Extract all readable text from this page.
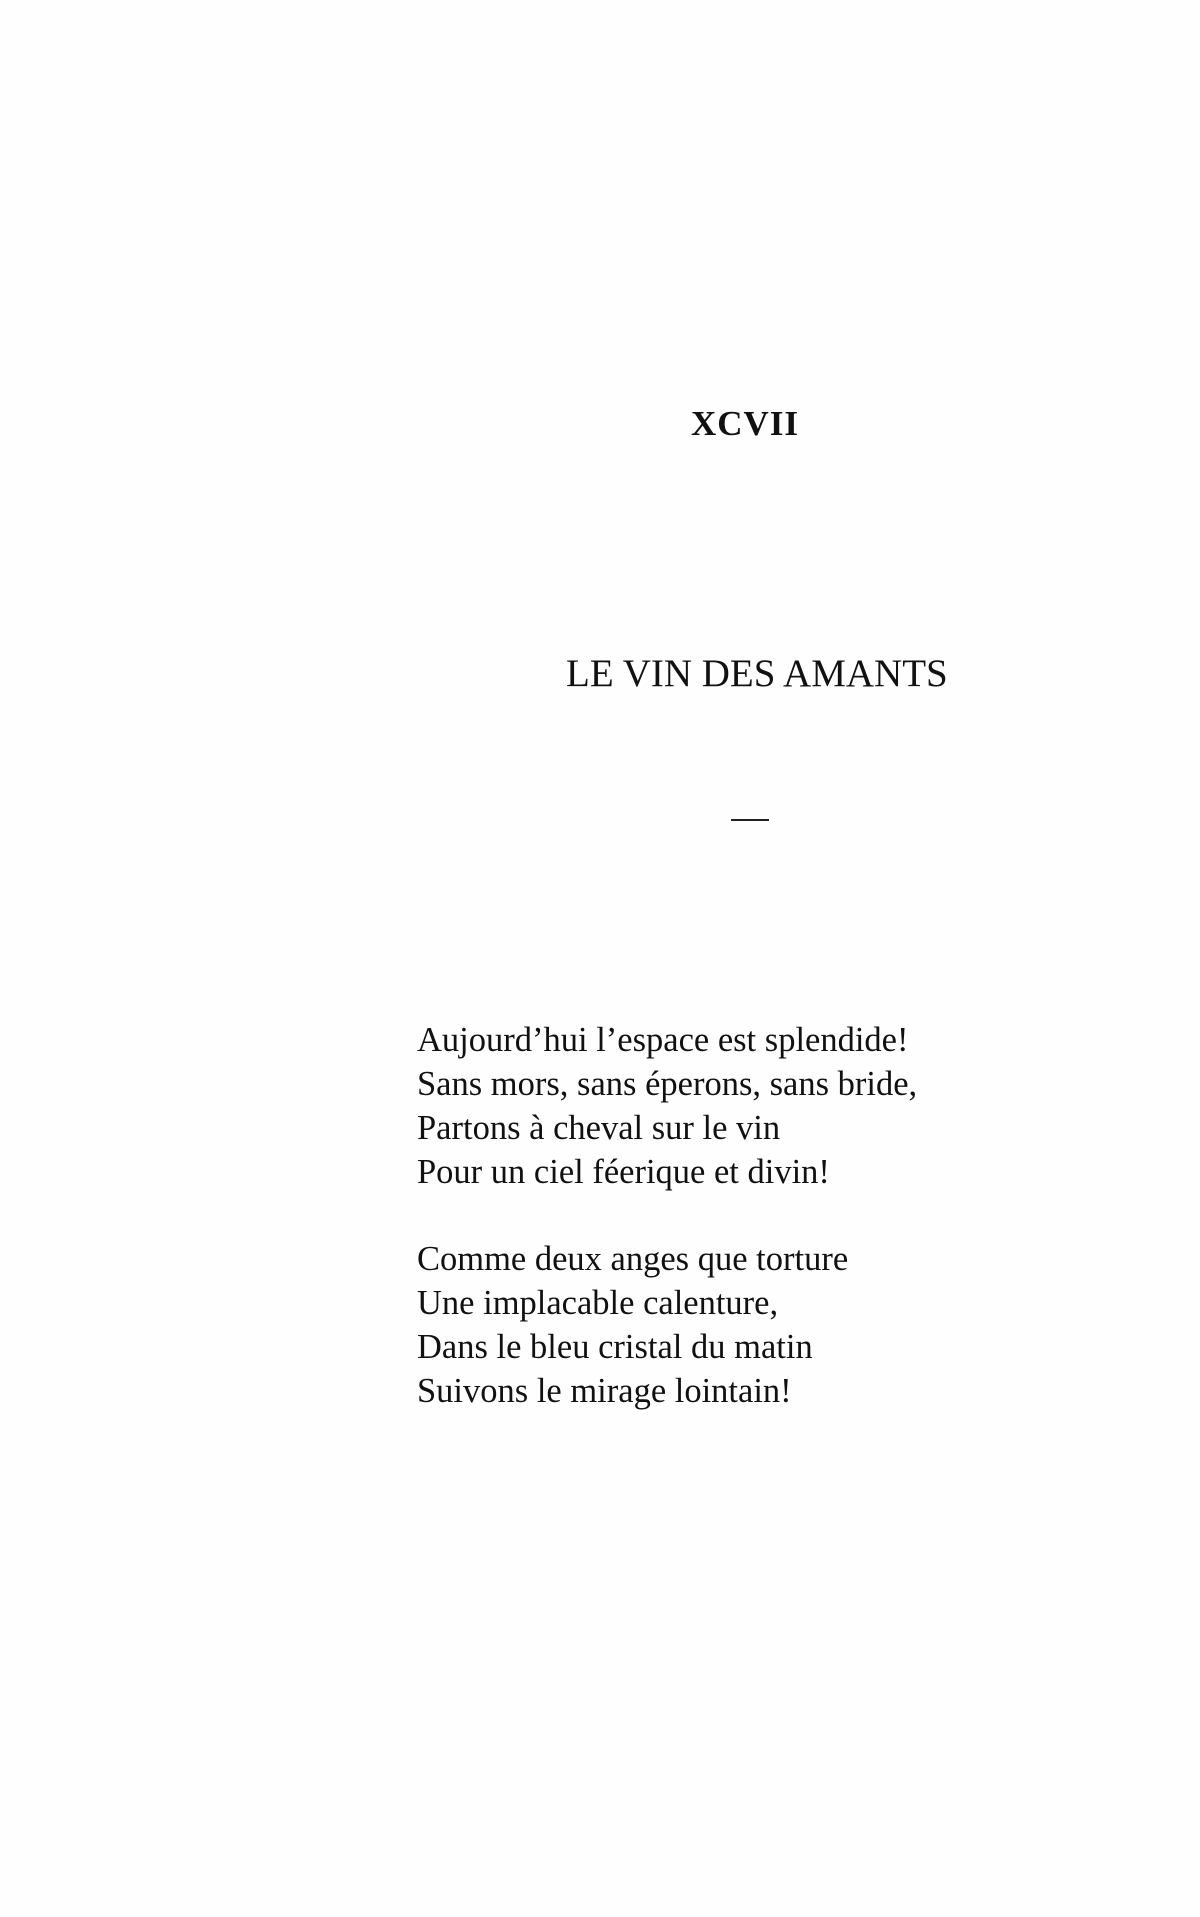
XCVII
LE VIN DES AMANTS
Aujourd’hui l’espace est splendide!
Sans mors, sans éperons, sans bride,
Partons à cheval sur le vin
Pour un ciel féerique et divin!
Comme deux anges que torture
Une implacable calenture,
Dans le bleu cristal du matin
Suivons le mirage lointain!
